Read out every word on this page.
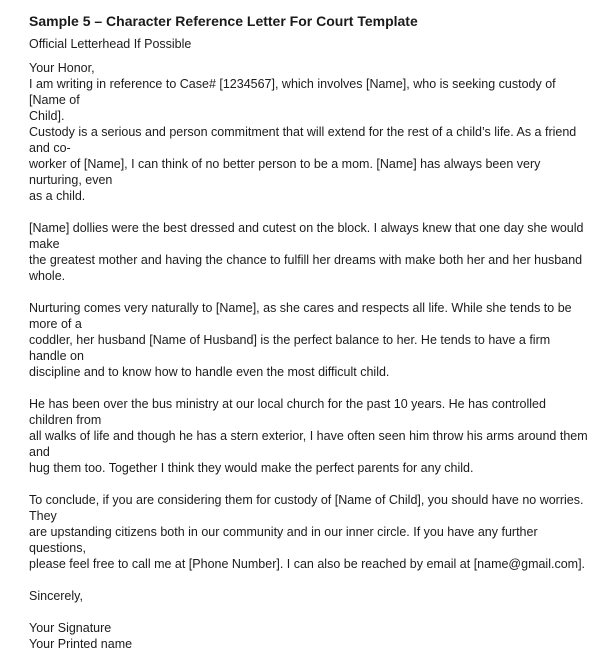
Sample 5 – Character Reference Letter For Court Template
Official Letterhead If Possible
Your Honor,
I am writing in reference to Case# [1234567], which involves [Name], who is seeking custody of [Name of
Child].
Custody is a serious and person commitment that will extend for the rest of a child’s life. As a friend and co-
worker of [Name], I can think of no better person to be a mom. [Name] has always been very nurturing, even
as a child.
[Name] dollies were the best dressed and cutest on the block. I always knew that one day she would make
the greatest mother and having the chance to fulfill her dreams with make both her and her husband whole.
Nurturing comes very naturally to [Name], as she cares and respects all life. While she tends to be more of a
coddler, her husband [Name of Husband] is the perfect balance to her. He tends to have a firm handle on
discipline and to know how to handle even the most difficult child.
He has been over the bus ministry at our local church for the past 10 years. He has controlled children from
all walks of life and though he has a stern exterior, I have often seen him throw his arms around them and
hug them too. Together I think they would make the perfect parents for any child.
To conclude, if you are considering them for custody of [Name of Child], you should have no worries. They
are upstanding citizens both in our community and in our inner circle. If you have any further questions,
please feel free to call me at [Phone Number]. I can also be reached by email at [name@gmail.com].
Sincerely,
Your Signature
Your Printed name
